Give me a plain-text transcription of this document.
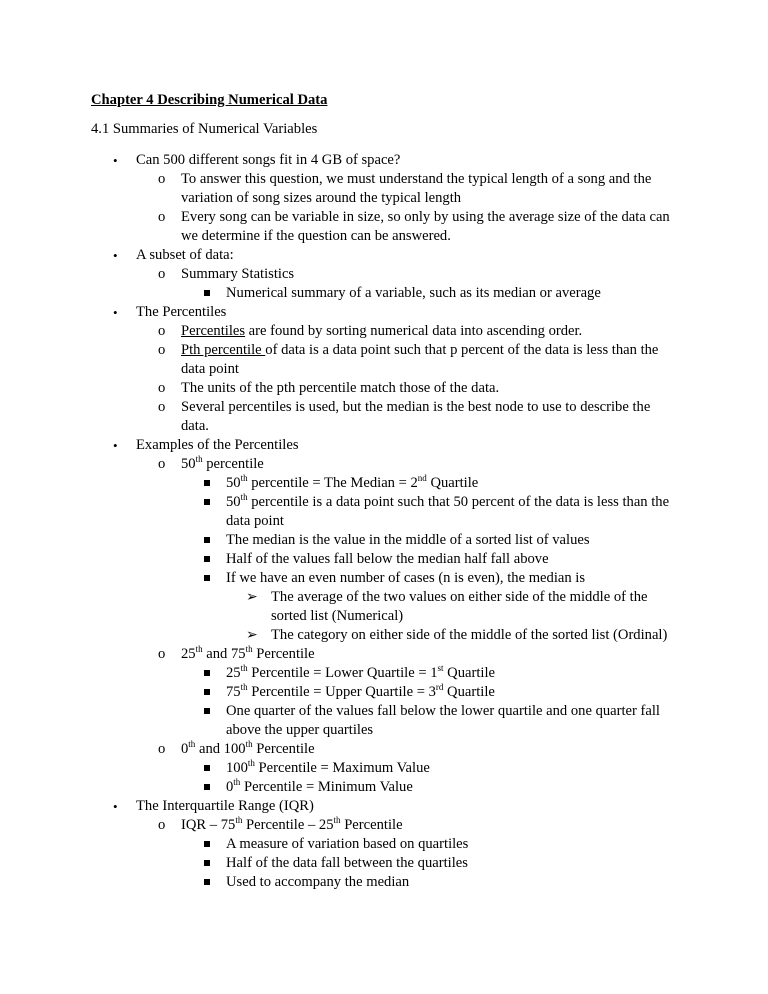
Chapter 4 Describing Numerical Data
4.1 Summaries of Numerical Variables
• Can 500 different songs fit in 4 GB of space?
o To answer this question, we must understand the typical length of a song and the variation of song sizes around the typical length
o Every song can be variable in size, so only by using the average size of the data can we determine if the question can be answered.
• A subset of data:
o Summary Statistics
Numerical summary of a variable, such as its median or average
• The Percentiles
o Percentiles are found by sorting numerical data into ascending order.
o Pth percentile of data is a data point such that p percent of the data is less than the data point
o The units of the pth percentile match those of the data.
o Several percentiles is used, but the median is the best node to use to describe the data.
• Examples of the Percentiles
o 50th percentile
50th percentile = The Median = 2nd Quartile
50th percentile is a data point such that 50 percent of the data is less than the data point
The median is the value in the middle of a sorted list of values
Half of the values fall below the median half fall above
If we have an even number of cases (n is even), the median is
➢ The average of the two values on either side of the middle of the sorted list (Numerical)
➢ The category on either side of the middle of the sorted list (Ordinal)
o 25th and 75th Percentile
25th Percentile = Lower Quartile = 1st Quartile
75th Percentile = Upper Quartile = 3rd Quartile
One quarter of the values fall below the lower quartile and one quarter fall above the upper quartiles
o 0th and 100th Percentile
100th Percentile = Maximum Value
0th Percentile = Minimum Value
• The Interquartile Range (IQR)
o IQR – 75th Percentile – 25th Percentile
A measure of variation based on quartiles
Half of the data fall between the quartiles
Used to accompany the median
